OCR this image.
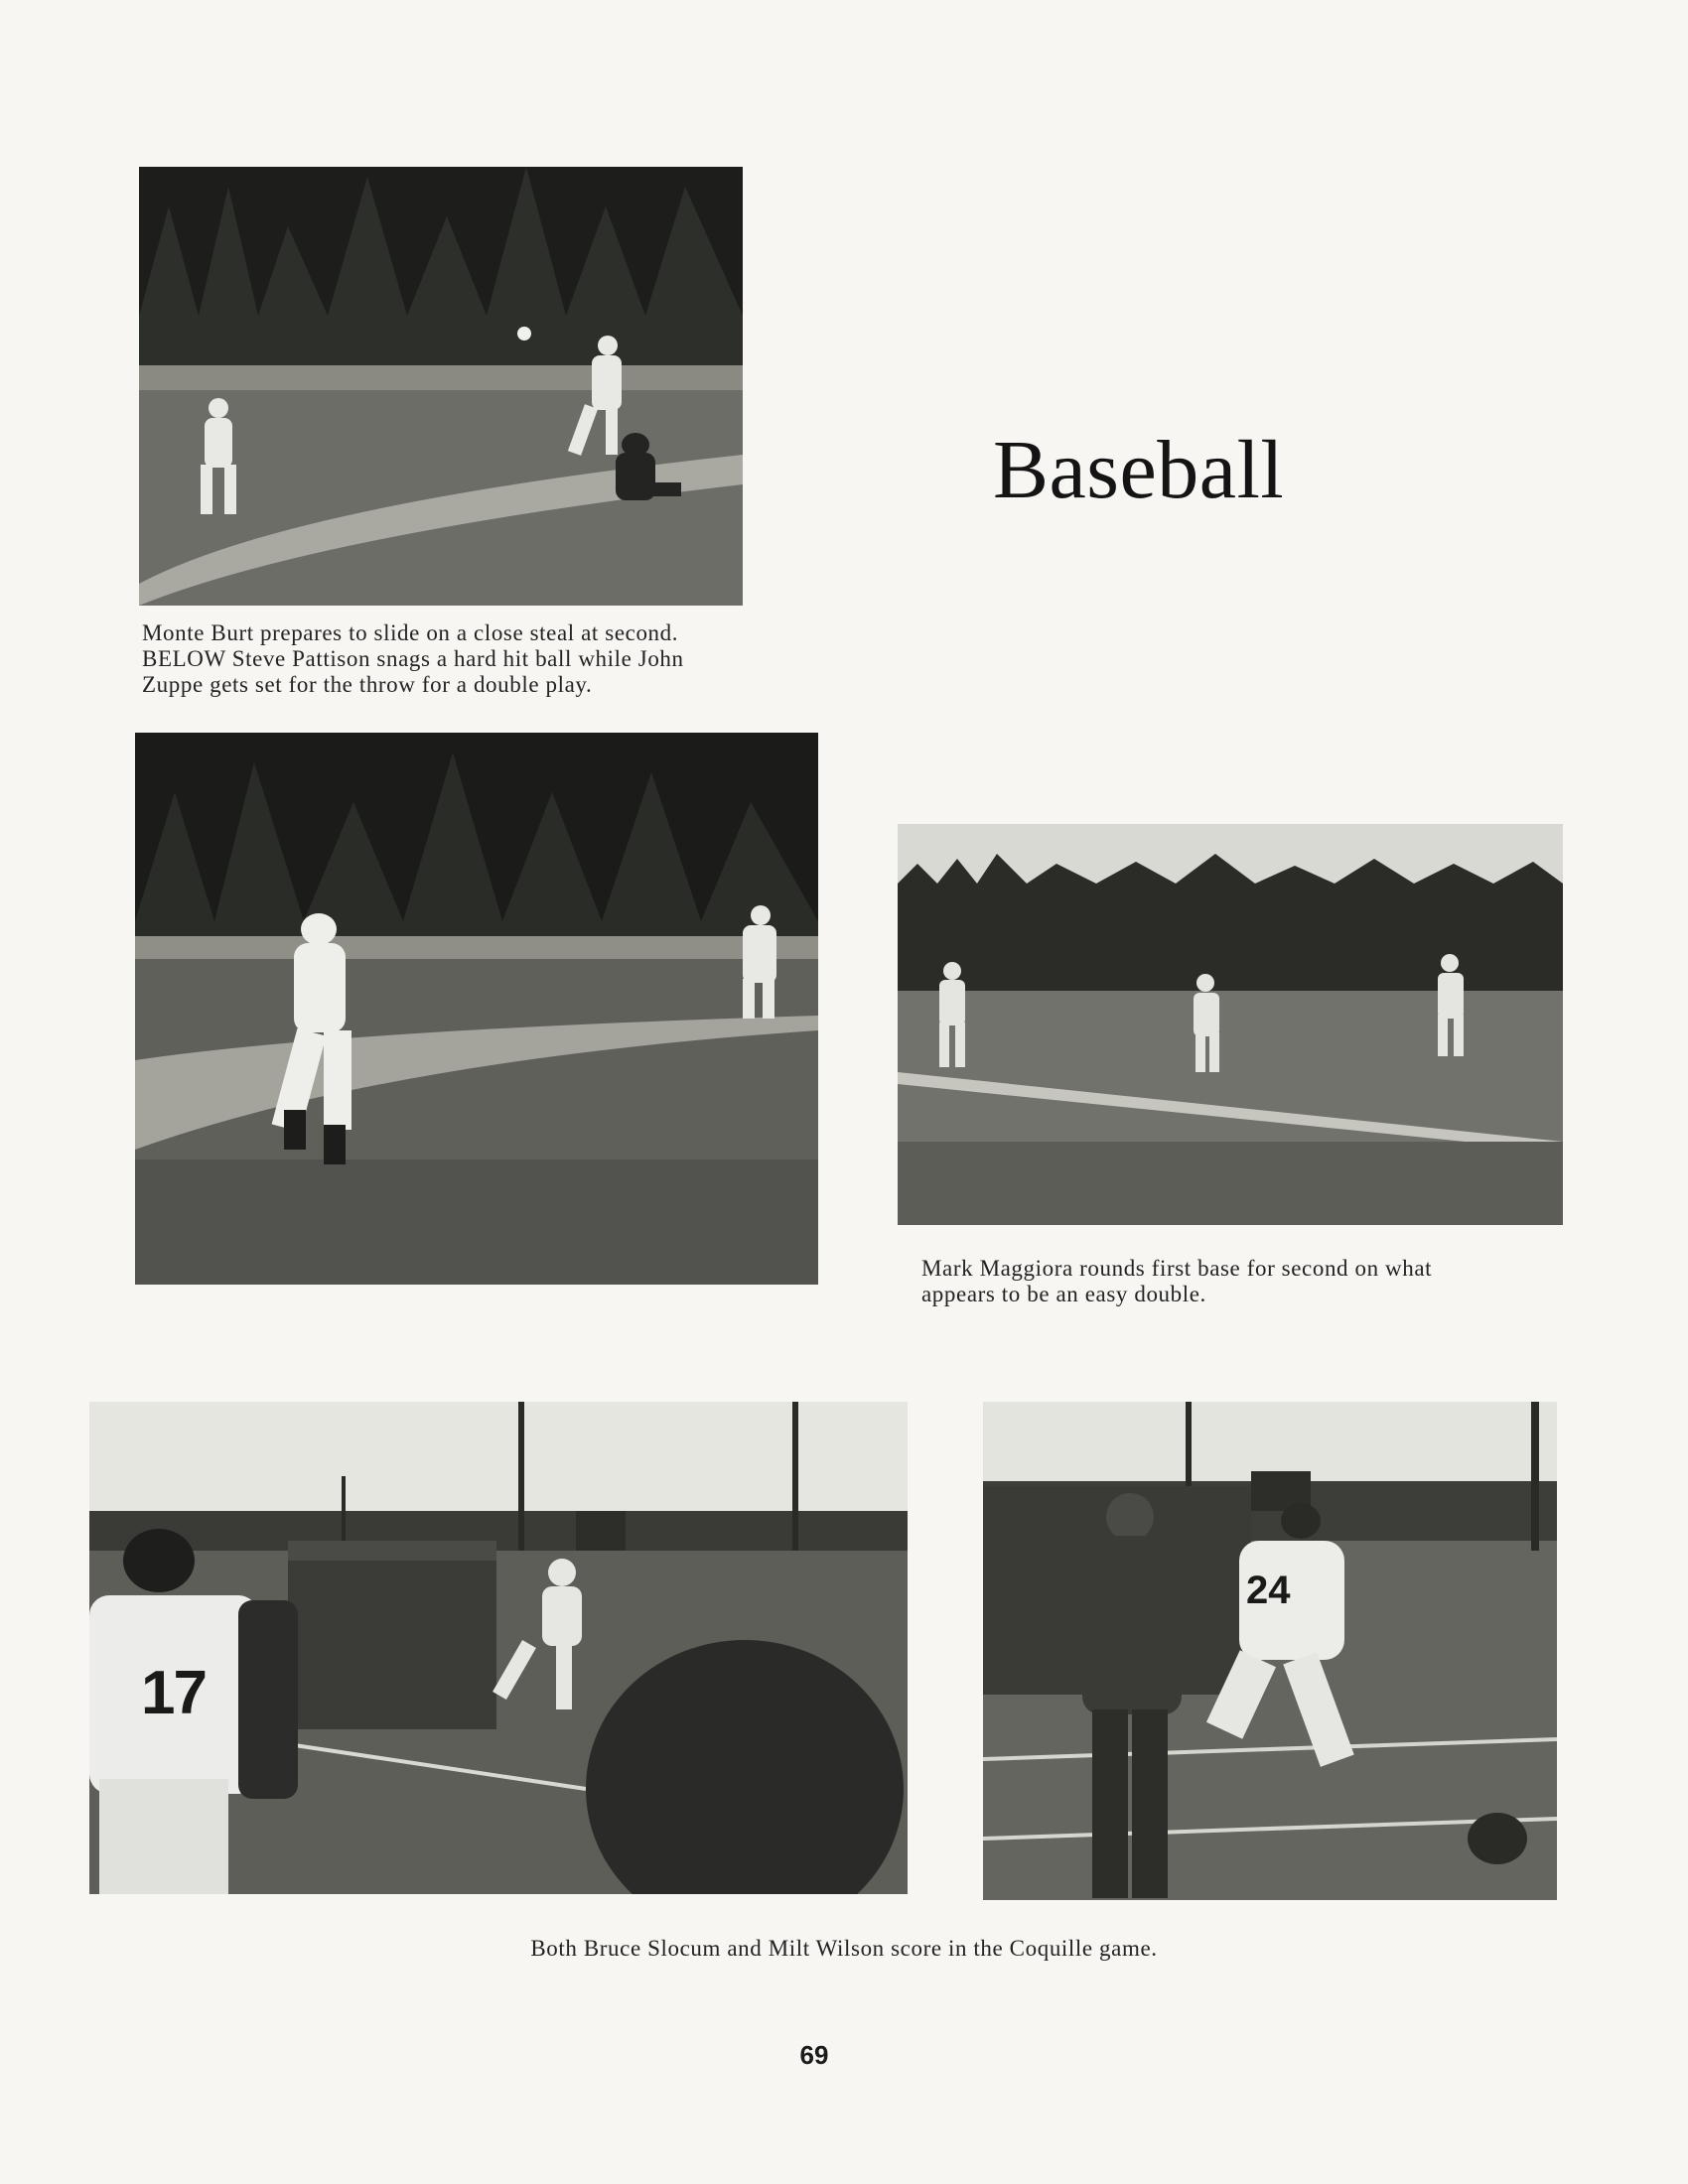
Baseball

Monte Burt prepares to slide on a close steal at second. BELOW Steve Pattison snags a hard hit ball while John Zuppe gets set for the throw for a double play.

Mark Maggiora rounds first base for second on what appears to be an easy double.

17
24

Both Bruce Slocum and Milt Wilson score in the Coquille game.

69
